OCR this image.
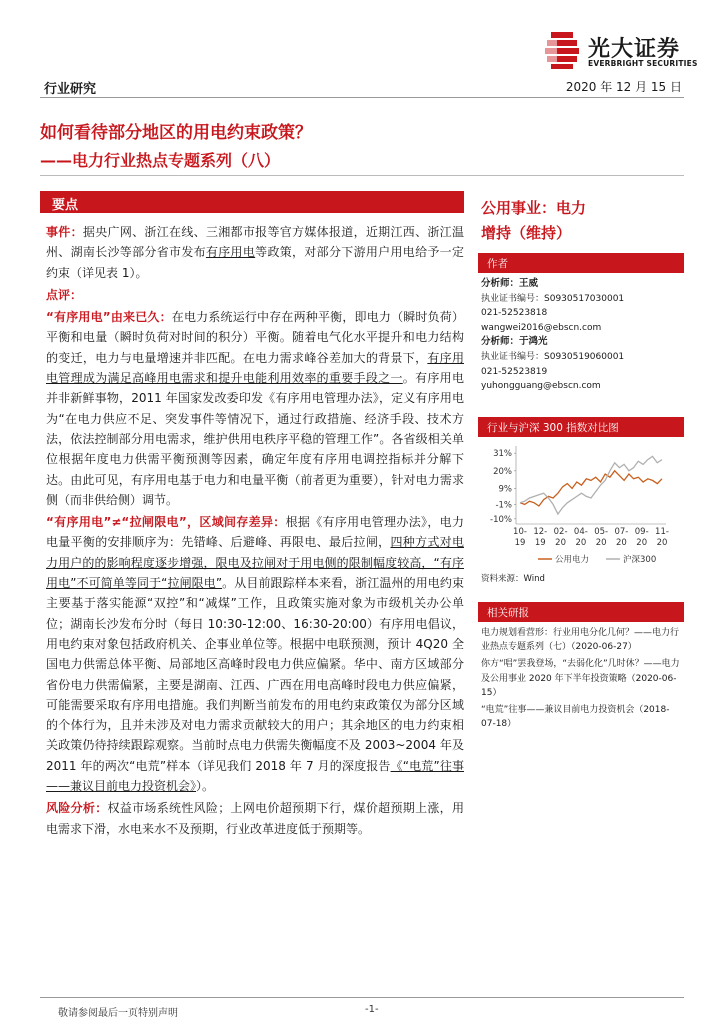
光大证券
EVERBRIGHT SECURITIES
行业研究	2020 年 12 月 15 日
如何看待部分地区的用电约束政策？
——电力行业热点专题系列（八）
要点

事件：据央广网、浙江在线、三湘都市报等官方媒体报道，近期江西、浙江温州、湖南长沙等部分省市发布有序用电等政策，对部分下游用户用电给予一定约束（详见表 1）。

点评：

“有序用电”由来已久：在电力系统运行中存在两种平衡，即电力（瞬时负荷）平衡和电量（瞬时负荷对时间的积分）平衡。随着电气化水平提升和电力结构的变迁，电力与电量增速并非匹配。在电力需求峰谷差加大的背景下，有序用电管理成为满足高峰用电需求和提升电能利用效率的重要手段之一。有序用电并非新鲜事物，2011 年国家发改委印发《有序用电管理办法》，定义有序用电为“在电力供应不足、突发事件等情况下，通过行政措施、经济手段、技术方法，依法控制部分用电需求，维护供用电秩序平稳的管理工作”。各省级相关单位根据年度电力供需平衡预测等因素，确定年度有序用电调控指标并分解下达。由此可见，有序用电基于电力和电量平衡（前者更为重要），针对电力需求侧（而非供给侧）调节。

“有序用电”≠“拉闸限电”，区域间存差异：根据《有序用电管理办法》，电力电量平衡的安排顺序为：先错峰、后避峰、再限电、最后拉闸，四种方式对电力用户的的影响程度逐步增强，限电及拉闸对于用电侧的限制幅度较高，“有序用电”不可简单等同于“拉闸限电”。从目前跟踪样本来看，浙江温州的用电约束主要基于落实能源“双控”和“减煤”工作，且政策实施对象为市级机关办公单位；湖南长沙发布分时（每日 10:30-12:00、16:30-20:00）有序用电倡议，用电约束对象包括政府机关、企事业单位等。根据中电联预测，预计 4Q20 全国电力供需总体平衡、局部地区高峰时段电力供应偏紧。华中、南方区域部分省份电力供需偏紧，主要是湖南、江西、广西在用电高峰时段电力供应偏紧，可能需要采取有序用电措施。我们判断当前发布的用电约束政策仅为部分区域的个体行为，且并未涉及对电力需求贡献较大的用户；其余地区的电力约束相关政策仍待持续跟踪观察。当前时点电力供需失衡幅度不及 2003~2004 年及 2011 年的两次“电荒”样本（详见我们 2018 年 7 月的深度报告《“电荒”往事——兼议目前电力投资机会》）。

风险分析：权益市场系统性风险；上网电价超预期下行，煤价超预期上涨，用电需求下滑，水电来水不及预期，行业改革进度低于预期等。

公用事业：电力
增持（维持）
作者
分析师：王威
执业证书编号：S0930517030001
021-52523818
wangwei2016@ebscn.com
分析师：于鸿光
执业证书编号：S0930519060001
021-52523819
yuhongguang@ebscn.com
行业与沪深 300 指数对比图
31%
20%
9%
-1%
-10%
10-
19
12-
19
02-
20
04-
20
05-
20
07-
20
09-
20
11-
20
公用电力	沪深300
资料来源：Wind
相关研报
电力规划看营形：行业用电分化几何？——电力行业热点专题系列（七）（2020-06-27）
你方“唱”罢我登场，“去弱化化”几时休？——电力及公用事业 2020 年下半年投资策略（2020-06-15）
“电荒”往事——兼议目前电力投资机会（2018-07-18）
敬请参阅最后一页特别声明	-1-
